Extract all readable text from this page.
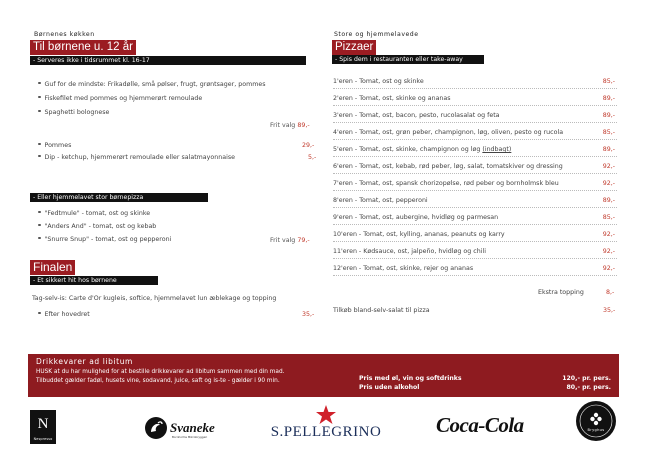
Børnenes køkken
Til børnene u. 12 år
- Serveres ikke i tidsrummet kl. 16-17
Guf for de mindste: Frikadølle, små pølser, frugt, grøntsager, pommes
Fiskefilet med pommes og hjemmerørt remoulade
Spaghetti bolognese
Frit valg 89,-
Pommes	29,-
Dip - ketchup, hjemmerørt remoulade eller salatmayonnaise	5,-
- Eller hjemmelavet stor børnepizza
"Fedtmule" - tomat, ost og skinke
"Anders And" - tomat, ost og kebab
"Snurre Snup" - tomat, ost og pepperoni	Frit valg 79,-
Finalen
- Et sikkert hit hos børnene
Tag-selv-is: Carte d'Or kugleis, softice, hjemmelavet lun æblekage og topping
Efter hovedret	35,-
Store og hjemmelavede
Pizzaer
- Spis dem i restauranten eller take-away
1'eren - Tomat, ost og skinke	85,-
2'eren - Tomat, ost, skinke og ananas	89,-
3'eren - Tomat, ost, bacon, pesto, rucolasalat og feta	89,-
4'eren - Tomat, ost, grøn peber, champignon, løg, oliven, pesto og rucola	85,-
5'eren - Tomat, ost, skinke, champignon og løg (indbagt)	89,-
6'eren - Tomat, ost, kebab, rød peber, løg, salat, tomatskiver og dressing	92,-
7'eren - Tomat, ost, spansk chorizopølse, rød peber og bornholmsk bleu	92,-
8'eren - Tomat, ost, pepperoni	89,-
9'eren - Tomat, ost, aubergine, hvidløg og parmesan	85,-
10'eren - Tomat, ost, kylling, ananas, peanuts og karry	92,-
11'eren - Kødsauce, ost, jalpeño, hvidløg og chili	92,-
12'eren - Tomat, ost, skinke, rejer og ananas	92,-
Ekstra topping	8,-
Tilkøb bland-selv-salat til pizza	35,-
Drikkevarer ad libitum
HUSK at du har mulighed for at bestille drikkevarer ad libitum sammen med din mad.
Tilbuddet gælder fadøl, husets vine, sodavand, juice, saft og is-te - gælder i 90 min.	Pris med øl, vin og softdrinks	120,- pr. pers.
Pris uden alkohol	80,- pr. pers.
N
Nespresso
Svaneke
Bornholms Mikrobryggeri	S.PELLEGRINO	Coca-Cola	Bryghus
